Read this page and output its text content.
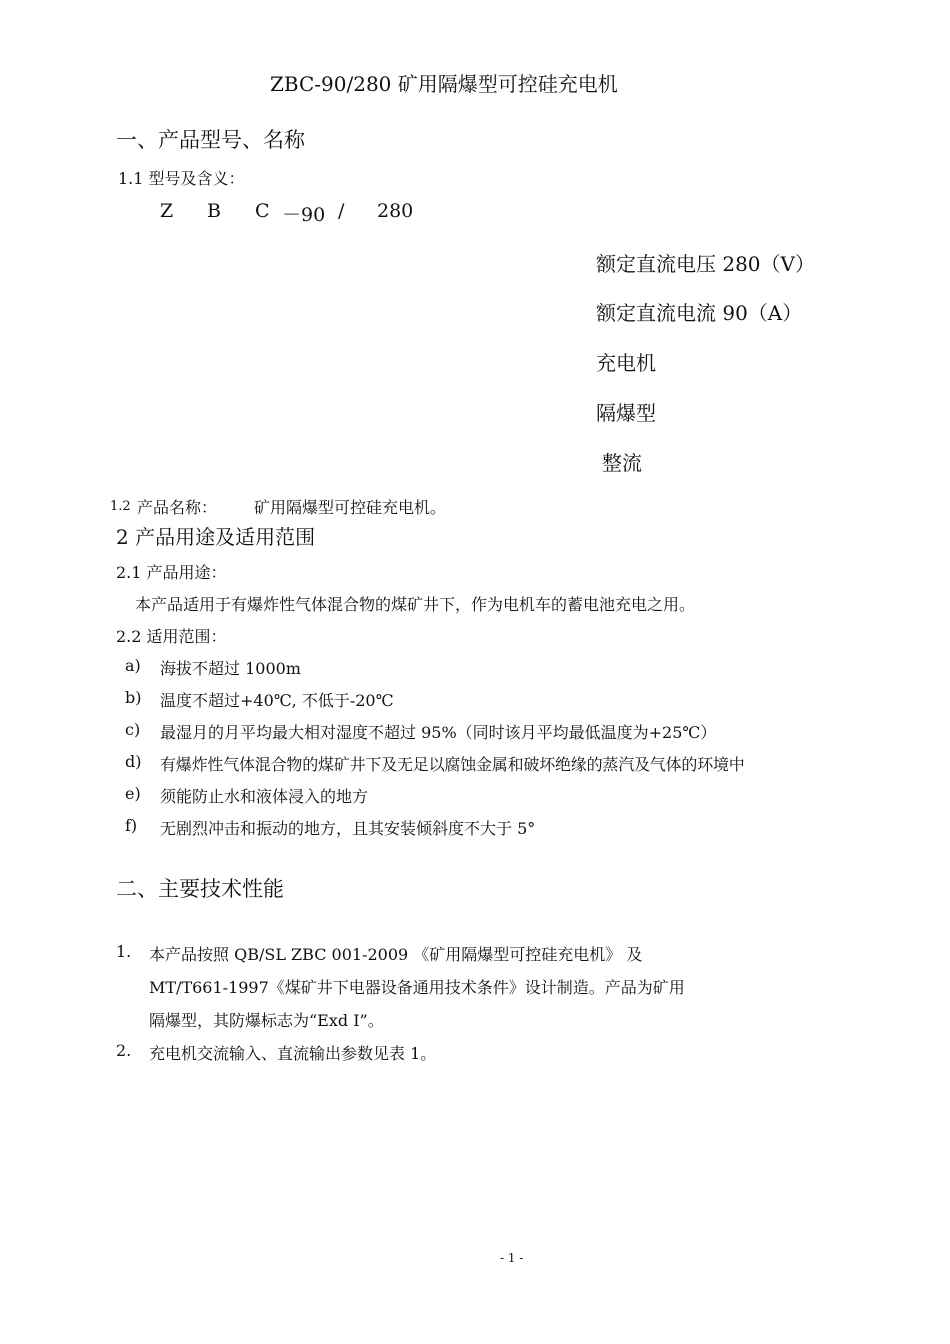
ZBC-90/280 矿用隔爆型可控硅充电机
一、产品型号、名称
1.1 型号及含义：
Z B C －90 / 280
额定直流电压 280（V）
额定直流电流 90（A）
充电机
隔爆型
整流
1.2 产品名称： 矿用隔爆型可控硅充电机。
2 产品用途及适用范围
2.1 产品用途：
本产品适用于有爆炸性气体混合物的煤矿井下，作为电机车的蓄电池充电之用。
2.2 适用范围：
a) 海拔不超过 1000m
b) 温度不超过+40℃, 不低于-20℃
c) 最湿月的月平均最大相对湿度不超过 95%（同时该月平均最低温度为+25℃）
d) 有爆炸性气体混合物的煤矿井下及无足以腐蚀金属和破坏绝缘的蒸汽及气体的环境中
e) 须能防止水和液体浸入的地方
f) 无剧烈冲击和振动的地方，且其安装倾斜度不大于 5°
二、主要技术性能
1. 本产品按照 QB/SL ZBC 001-2009 《矿用隔爆型可控硅充电机》 及
MT/T661-1997《煤矿井下电器设备通用技术条件》设计制造。产品为矿用
隔爆型，其防爆标志为“Exd I”。
2. 充电机交流输入、直流输出参数见表 1。
- 1 -
